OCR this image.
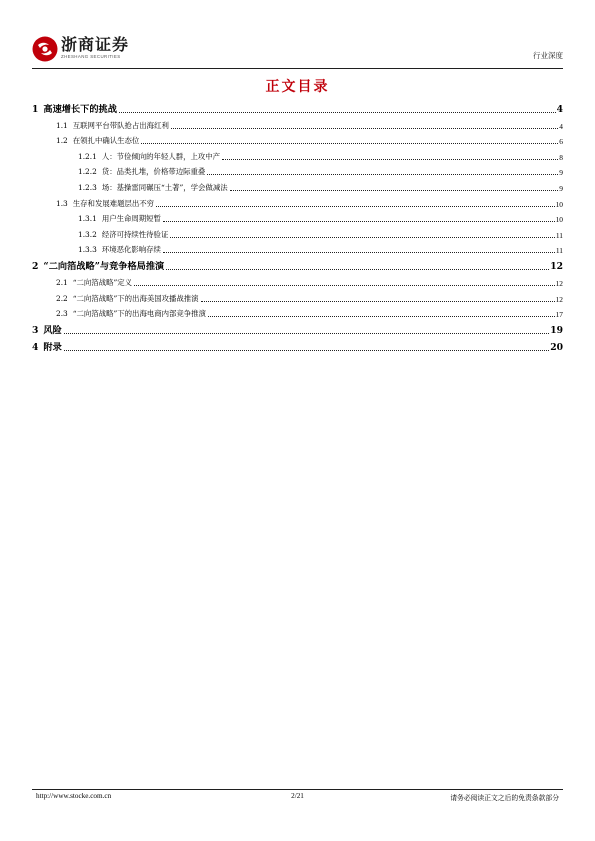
浙商证券
ZHESHANG SECURITIES	行业深度
正文目录
1 高速增长下的挑战	4
1.1 互联网平台带队抢占出海红利	4
1.2 在领扎中确认生态位	6
1.2.1 人：节俭倾向的年轻人群，上攻中产	8
1.2.2 货：品类扎堆，价格带边际重叠	9
1.2.3 场：基操雷同碾压“土著”，学会做减法	9
1.3 生存和发展难题层出不穷	10
1.3.1 用户生命周期短暂	10
1.3.2 经济可持续性待验证	11
1.3.3 环境恶化影响存续	11
2 “二向箔战略”与竞争格局推演	12
2.1 “二向箔战略”定义	12
2.2 “二向箔战略”下的出海美国攻播战推演	12
2.3 “二向箔战略”下的出海电商内部竞争推演	17
3 风险	19
4 附录	20
http://www.stocke.com.cn	2/21	请务必阅读正文之后的免责条款部分
